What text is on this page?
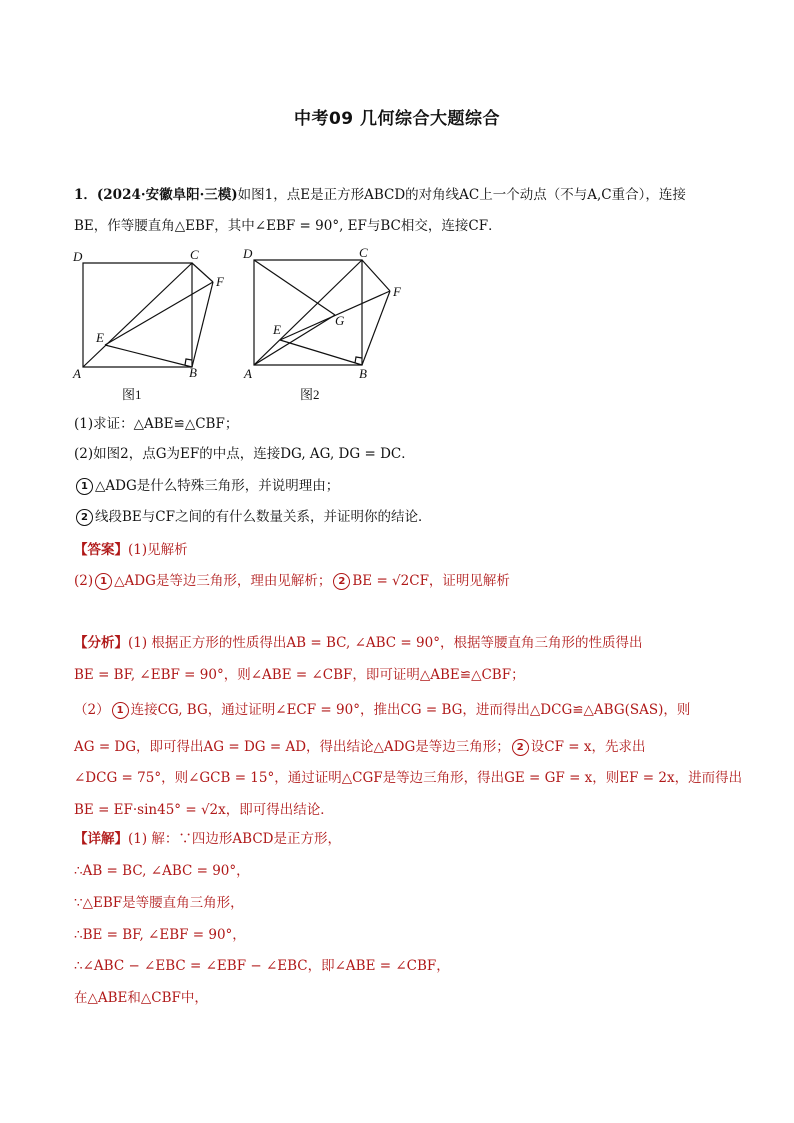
中考09 几何综合大题综合
1．(2024·安徽阜阳·三模)如图1，点E是正方形ABCD的对角线AC上一个动点（不与A,C重合），连接
BE，作等腰直角△EBF，其中∠EBF = 90°, EF与BC相交，连接CF．
D	C
F
E
A	B
图1
D	C
F
G
E
A	B
图2
(1)求证：△ABE≌△CBF；
(2)如图2，点G为EF的中点，连接DG, AG, DG = DC．
1 △ADG是什么特殊三角形，并说明理由；
2 线段BE与CF之间的有什么数量关系，并证明你的结论．
【答案】(1)见解析
(2) 1 △ADG是等边三角形，理由见解析； 2 BE = √2CF，证明见解析
【分析】(1) 根据正方形的性质得出AB = BC, ∠ABC = 90°，根据等腰直角三角形的性质得出
BE = BF, ∠EBF = 90°，则∠ABE = ∠CBF，即可证明△ABE≌△CBF；
（2） 1 连接CG, BG，通过证明∠ECF = 90°，推出CG = BG，进而得出△DCG≌△ABG(SAS)，则
AG = DG，即可得出AG = DG = AD，得出结论△ADG是等边三角形； 2 设CF = x，先求出
∠DCG = 75°，则∠GCB = 15°，通过证明△CGF是等边三角形，得出GE = GF = x，则EF = 2x，进而得出
BE = EF·sin45° = √2x，即可得出结论．
【详解】(1) 解：∵四边形ABCD是正方形，
∴AB = BC, ∠ABC = 90°，
∵△EBF是等腰直角三角形，
∴BE = BF, ∠EBF = 90°，
∴∠ABC − ∠EBC = ∠EBF − ∠EBC，即∠ABE = ∠CBF，
在△ABE和△CBF中，
